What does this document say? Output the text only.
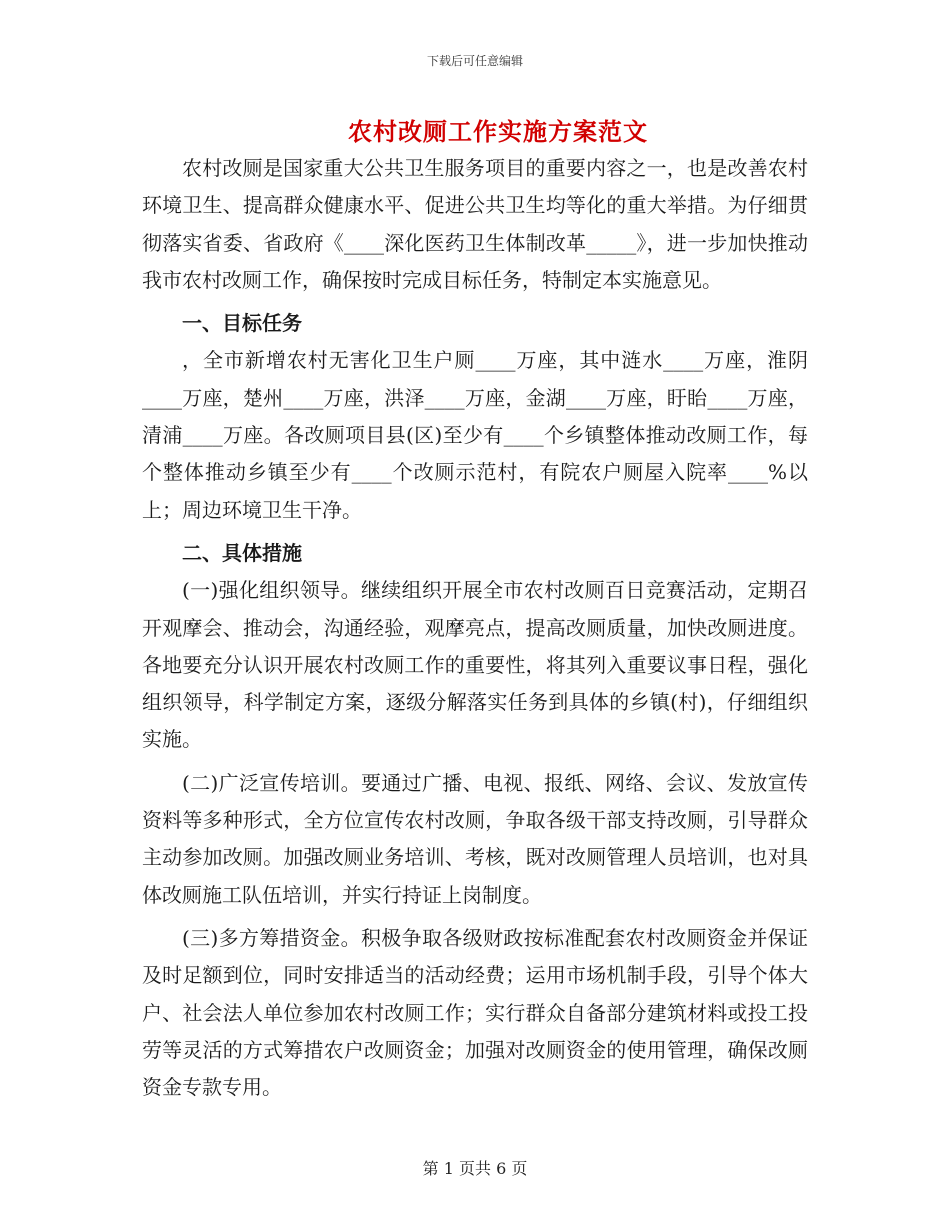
下载后可任意编辑
农村改厕工作实施方案范文

农村改厕是国家重大公共卫生服务项目的重要内容之一，也是改善农村环境卫生、提高群众健康水平、促进公共卫生均等化的重大举措。为仔细贯彻落实省委、省政府《____深化医药卫生体制改革_____》，进一步加快推动我市农村改厕工作，确保按时完成目标任务，特制定本实施意见。

一、目标任务

，全市新增农村无害化卫生户厕____万座，其中涟水____万座，淮阴____万座，楚州____万座，洪泽____万座，金湖____万座，盱眙____万座，清浦____万座。各改厕项目县(区)至少有____个乡镇整体推动改厕工作，每个整体推动乡镇至少有____个改厕示范村，有院农户厕屋入院率____%以上；周边环境卫生干净。

二、具体措施

(一)强化组织领导。继续组织开展全市农村改厕百日竞赛活动，定期召开观摩会、推动会，沟通经验，观摩亮点，提高改厕质量，加快改厕进度。各地要充分认识开展农村改厕工作的重要性，将其列入重要议事日程，强化组织领导，科学制定方案，逐级分解落实任务到具体的乡镇(村)，仔细组织实施。

(二)广泛宣传培训。要通过广播、电视、报纸、网络、会议、发放宣传资料等多种形式，全方位宣传农村改厕，争取各级干部支持改厕，引导群众主动参加改厕。加强改厕业务培训、考核，既对改厕管理人员培训，也对具体改厕施工队伍培训，并实行持证上岗制度。

(三)多方筹措资金。积极争取各级财政按标准配套农村改厕资金并保证及时足额到位，同时安排适当的活动经费；运用市场机制手段，引导个体大户、社会法人单位参加农村改厕工作；实行群众自备部分建筑材料或投工投劳等灵活的方式筹措农户改厕资金；加强对改厕资金的使用管理，确保改厕资金专款专用。

第 1 页共 6 页
